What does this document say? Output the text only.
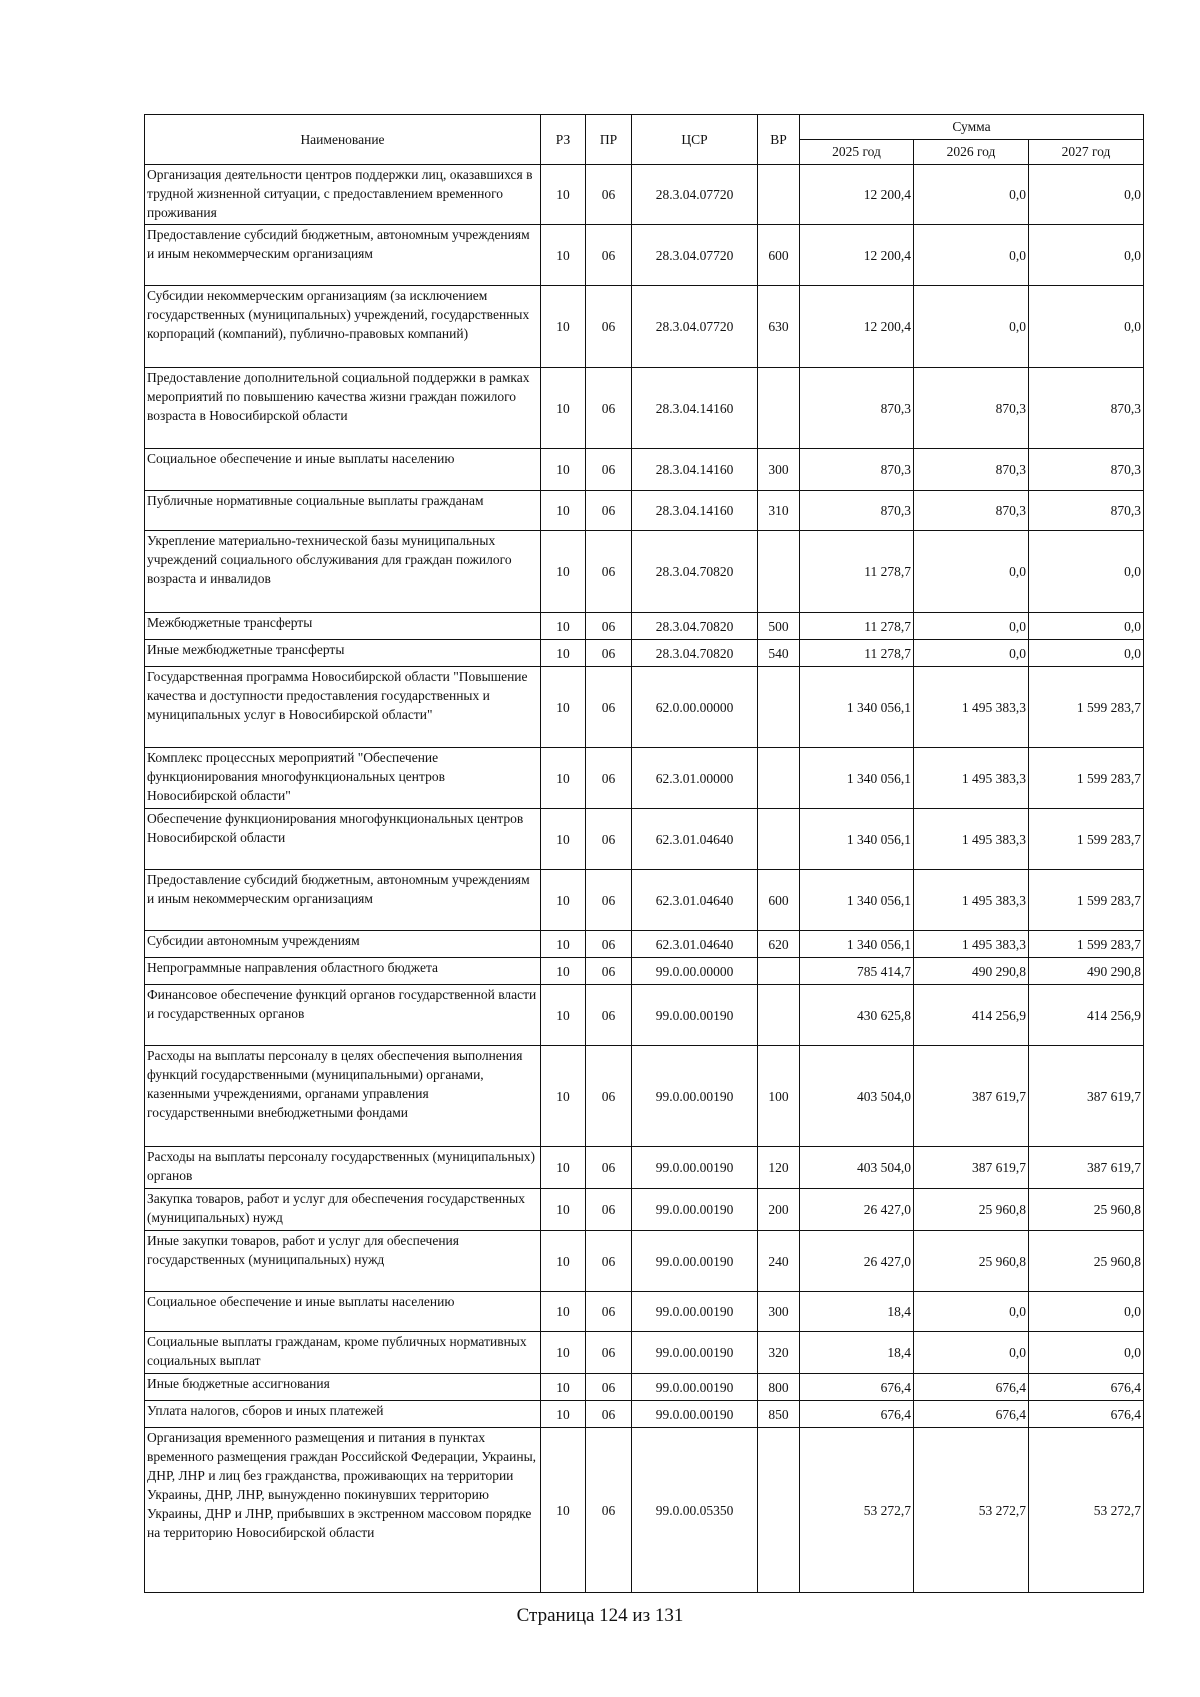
Наименование	РЗ	ПР	ЦСР	ВР	Сумма		
					2025 год	2026 год	2027 год
Организация деятельности центров поддержки лиц, оказавшихся в трудной жизненной ситуации, с предоставлением временного проживания	10	06	28.3.04.07720		12 200,4	0,0	0,0
Предоставление субсидий бюджетным, автономным учреждениям и иным некоммерческим организациям	10	06	28.3.04.07720	600	12 200,4	0,0	0,0
Субсидии некоммерческим организациям (за исключением государственных (муниципальных) учреждений, государственных корпораций (компаний), публично-правовых компаний)	10	06	28.3.04.07720	630	12 200,4	0,0	0,0
Предоставление дополнительной социальной поддержки в рамках мероприятий по повышению качества жизни граждан пожилого возраста в Новосибирской области	10	06	28.3.04.14160		870,3	870,3	870,3
Социальное обеспечение и иные выплаты населению	10	06	28.3.04.14160	300	870,3	870,3	870,3
Публичные нормативные социальные выплаты гражданам	10	06	28.3.04.14160	310	870,3	870,3	870,3
Укрепление материально-технической базы муниципальных учреждений социального обслуживания для граждан пожилого возраста и инвалидов	10	06	28.3.04.70820		11 278,7	0,0	0,0
Межбюджетные трансферты	10	06	28.3.04.70820	500	11 278,7	0,0	0,0
Иные межбюджетные трансферты	10	06	28.3.04.70820	540	11 278,7	0,0	0,0
Государственная программа Новосибирской области "Повышение качества и доступности предоставления государственных и муниципальных услуг в Новосибирской области"	10	06	62.0.00.00000		1 340 056,1	1 495 383,3	1 599 283,7
Комплекс процессных мероприятий "Обеспечение функционирования многофункциональных центров Новосибирской области"	10	06	62.3.01.00000		1 340 056,1	1 495 383,3	1 599 283,7
Обеспечение функционирования многофункциональных центров Новосибирской области	10	06	62.3.01.04640		1 340 056,1	1 495 383,3	1 599 283,7
Предоставление субсидий бюджетным, автономным учреждениям и иным некоммерческим организациям	10	06	62.3.01.04640	600	1 340 056,1	1 495 383,3	1 599 283,7
Субсидии автономным учреждениям	10	06	62.3.01.04640	620	1 340 056,1	1 495 383,3	1 599 283,7
Непрограммные направления областного бюджета	10	06	99.0.00.00000		785 414,7	490 290,8	490 290,8
Финансовое обеспечение функций органов государственной власти и государственных органов	10	06	99.0.00.00190		430 625,8	414 256,9	414 256,9
Расходы на выплаты персоналу в целях обеспечения выполнения функций государственными (муниципальными) органами, казенными учреждениями, органами управления государственными внебюджетными фондами	10	06	99.0.00.00190	100	403 504,0	387 619,7	387 619,7
Расходы на выплаты персоналу государственных (муниципальных) органов	10	06	99.0.00.00190	120	403 504,0	387 619,7	387 619,7
Закупка товаров, работ и услуг для обеспечения государственных (муниципальных) нужд	10	06	99.0.00.00190	200	26 427,0	25 960,8	25 960,8
Иные закупки товаров, работ и услуг для обеспечения государственных (муниципальных) нужд	10	06	99.0.00.00190	240	26 427,0	25 960,8	25 960,8
Социальное обеспечение и иные выплаты населению	10	06	99.0.00.00190	300	18,4	0,0	0,0
Социальные выплаты гражданам, кроме публичных нормативных социальных выплат	10	06	99.0.00.00190	320	18,4	0,0	0,0
Иные бюджетные ассигнования	10	06	99.0.00.00190	800	676,4	676,4	676,4
Уплата налогов, сборов и иных платежей	10	06	99.0.00.00190	850	676,4	676,4	676,4
Организация временного размещения и питания в пунктах временного размещения граждан Российской Федерации, Украины, ДНР, ЛНР и лиц без гражданства, проживающих на территории Украины, ДНР, ЛНР, вынужденно покинувших территорию Украины, ДНР и ЛНР, прибывших в экстренном массовом порядке на территорию Новосибирской области	10	06	99.0.00.05350		53 272,7	53 272,7	53 272,7
Страница 124 из 131
